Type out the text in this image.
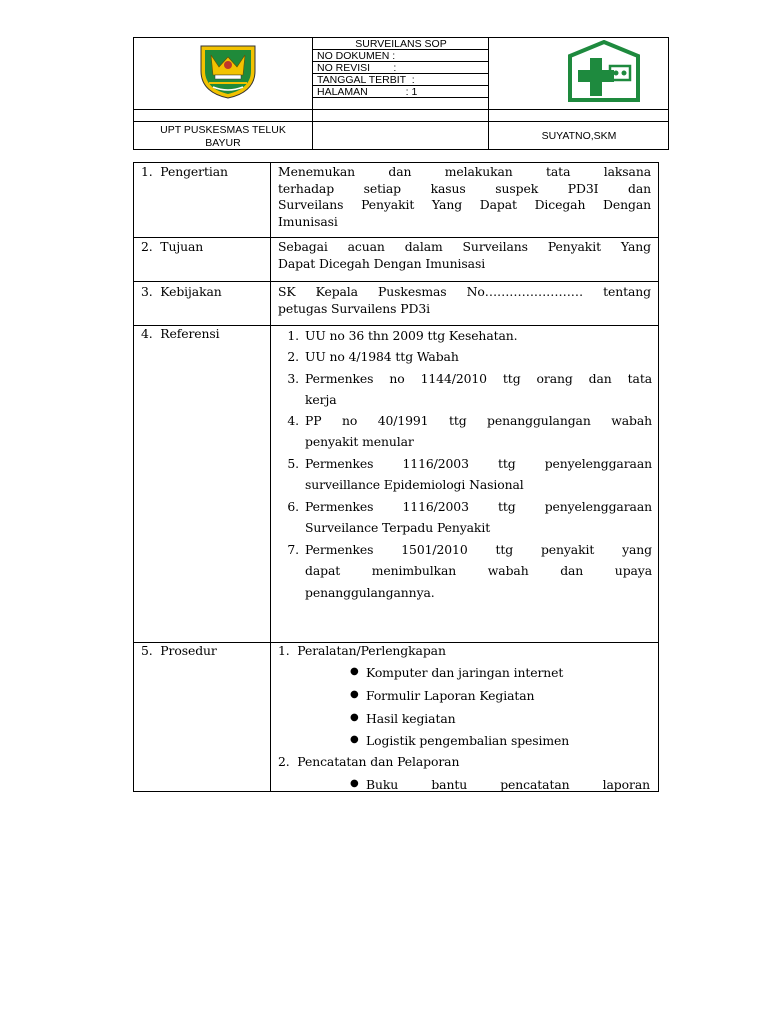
SURVEILANS SOP
NO DOKUMEN :
NO REVISI        :
TANGGAL TERBIT  :
HALAMAN             : 1
UPT PUSKESMAS TELUK
BAYUR
SUYATNO,SKM
1.  Pengertian	Menemukan dan melakukan tata laksana
terhadap setiap kasus suspek PD3I dan
Surveilans Penyakit Yang Dapat Dicegah Dengan
Imunisasi
2.  Tujuan	Sebagai acuan dalam Surveilans Penyakit Yang
Dapat Dicegah Dengan Imunisasi
3.  Kebijakan	SK Kepala Puskesmas No…………………… tentang
petugas Survailens PD3i
4.  Referensi	1. UU no 36 thn 2009 ttg Kesehatan.
2. UU no 4/1984 ttg Wabah
3. Permenkes no 1144/2010 ttg orang dan tata
kerja
4. PP no 40/1991 ttg penanggulangan wabah
penyakit menular
5. Permenkes 1116/2003 ttg penyelenggaraan
surveillance Epidemiologi Nasional
6. Permenkes 1116/2003 ttg penyelenggaraan
Surveilance Terpadu Penyakit
7. Permenkes 1501/2010 ttg penyakit yang
dapat menimbulkan wabah dan upaya
penanggulangannya.
5.  Prosedur	1.  Peralatan/Perlengkapan
● Komputer dan jaringan internet
● Formulir Laporan Kegiatan
● Hasil kegiatan
● Logistik pengembalian spesimen
2.  Pencatatan dan Pelaporan
● Buku bantu pencatatan laporan
